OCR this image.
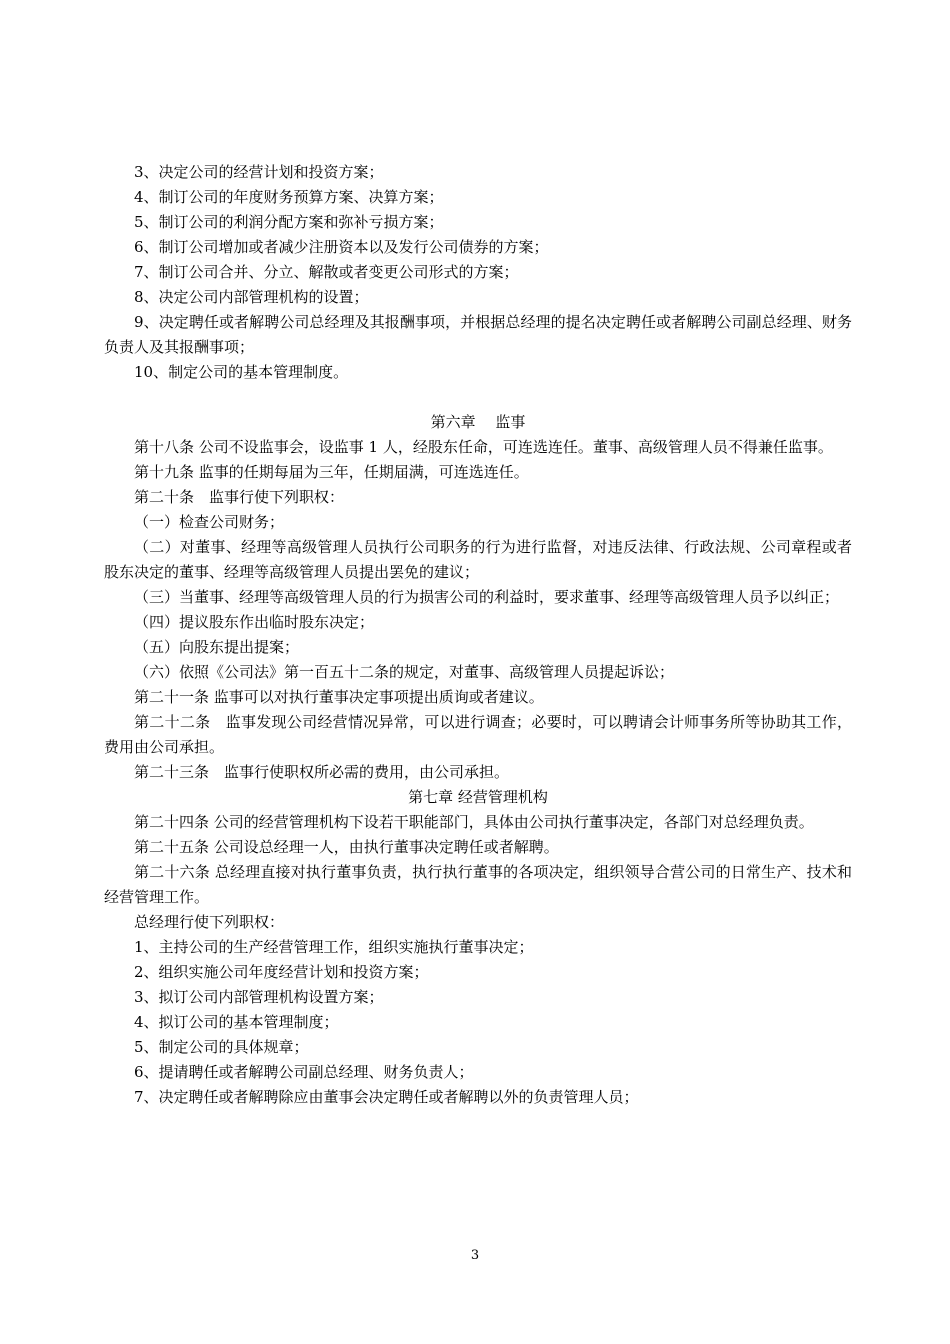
3、决定公司的经营计划和投资方案；

4、制订公司的年度财务预算方案、决算方案；

5、制订公司的利润分配方案和弥补亏损方案；

6、制订公司增加或者减少注册资本以及发行公司债券的方案；

7、制订公司合并、分立、解散或者变更公司形式的方案；

8、决定公司内部管理机构的设置；

9、决定聘任或者解聘公司总经理及其报酬事项，并根据总经理的提名决定聘任或者解聘公司副总经理、财务负责人及其报酬事项；

10、制定公司的基本管理制度。

第六章　 监事

第十八条 公司不设监事会，设监事 1 人，经股东任命，可连选连任。董事、高级管理人员不得兼任监事。

第十九条 监事的任期每届为三年，任期届满，可连选连任。

第二十条　监事行使下列职权：

（一）检查公司财务；

（二）对董事、经理等高级管理人员执行公司职务的行为进行监督，对违反法律、行政法规、公司章程或者股东决定的董事、经理等高级管理人员提出罢免的建议；

（三）当董事、经理等高级管理人员的行为损害公司的利益时，要求董事、经理等高级管理人员予以纠正；

（四）提议股东作出临时股东决定；

（五）向股东提出提案；

（六）依照《公司法》第一百五十二条的规定，对董事、高级管理人员提起诉讼；

第二十一条 监事可以对执行董事决定事项提出质询或者建议。

第二十二条　监事发现公司经营情况异常，可以进行调查；必要时，可以聘请会计师事务所等协助其工作，费用由公司承担。

第二十三条　监事行使职权所必需的费用，由公司承担。

第七章 经营管理机构

第二十四条 公司的经营管理机构下设若干职能部门，具体由公司执行董事决定，各部门对总经理负责。

第二十五条 公司设总经理一人，由执行董事决定聘任或者解聘。

第二十六条 总经理直接对执行董事负责，执行执行董事的各项决定，组织领导合营公司的日常生产、技术和经营管理工作。

总经理行使下列职权：

1、主持公司的生产经营管理工作，组织实施执行董事决定；

2、组织实施公司年度经营计划和投资方案；

3、拟订公司内部管理机构设置方案；

4、拟订公司的基本管理制度；

5、制定公司的具体规章；

6、提请聘任或者解聘公司副总经理、财务负责人；

7、决定聘任或者解聘除应由董事会决定聘任或者解聘以外的负责管理人员；

3
